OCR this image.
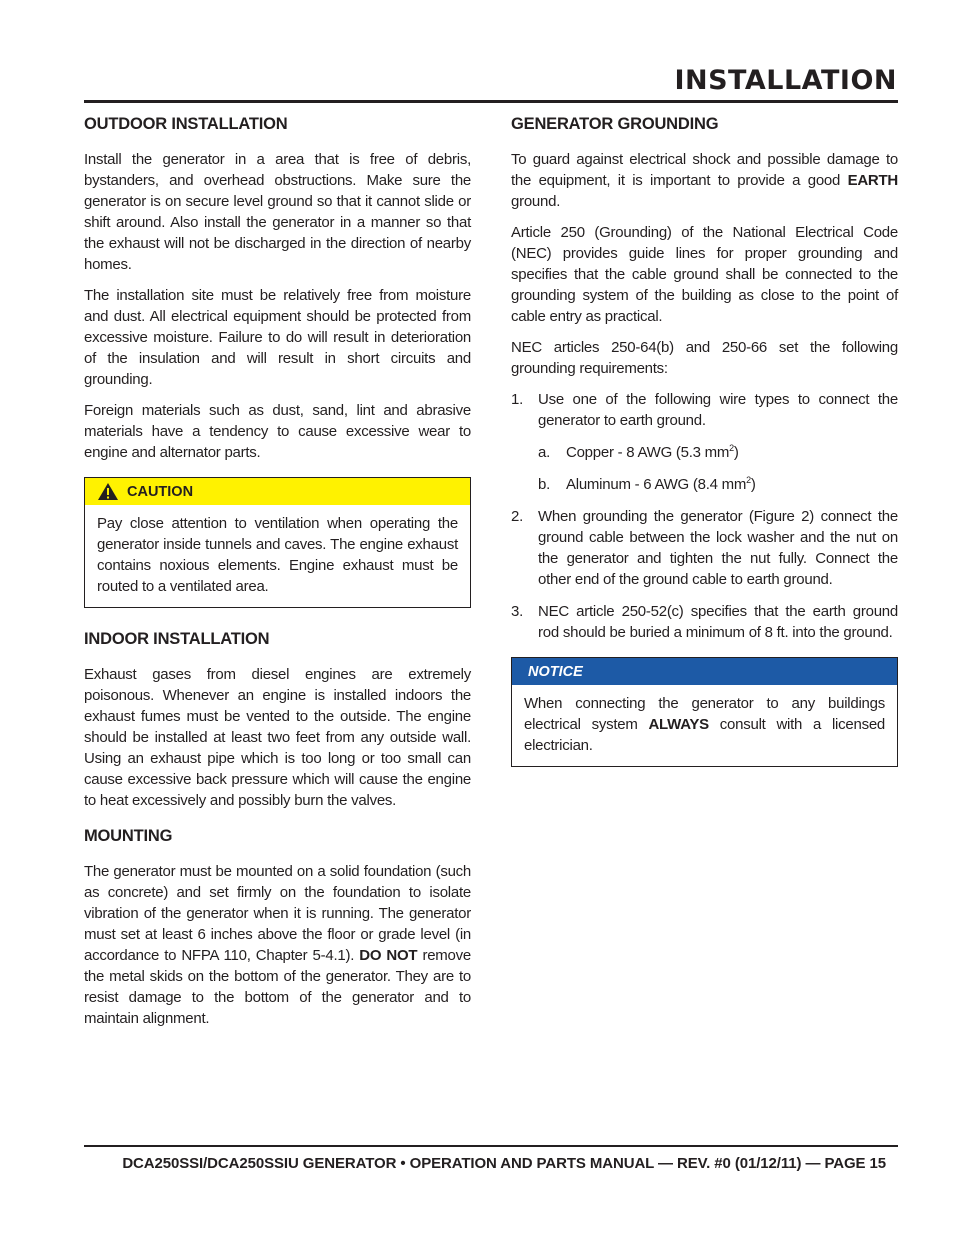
INSTALLATION
OUTDOOR INSTALLATION

Install the generator in a area that is free of debris, bystanders, and overhead obstructions. Make sure the generator is on secure level ground so that it cannot slide or shift around. Also install the generator in a manner so that the exhaust will not be discharged in the direction of nearby homes.

The installation site must be relatively free from moisture and dust. All electrical equipment should be protected from excessive moisture. Failure to do will result in deterioration of the insulation and will result in short circuits and grounding.

Foreign materials such as dust, sand, lint and abrasive materials have a tendency to cause excessive wear to engine and alternator parts.

CAUTION

Pay close attention to ventilation when operating the generator inside tunnels and caves. The engine exhaust contains noxious elements. Engine exhaust must be routed to a ventilated area.

INDOOR INSTALLATION

Exhaust gases from diesel engines are extremely poisonous. Whenever an engine is installed indoors the exhaust fumes must be vented to the outside. The engine should be installed at least two feet from any outside wall. Using an exhaust pipe which is too long or too small can cause excessive back pressure which will cause the engine to heat excessively and possibly burn the valves.

MOUNTING

The generator must be mounted on a solid foundation (such as concrete) and set firmly on the foundation to isolate vibration of the generator when it is running. The generator must set at least 6 inches above the floor or grade level (in accordance to NFPA 110, Chapter 5-4.1). DO NOT remove the metal skids on the bottom of the generator. They are to resist damage to the bottom of the generator and to maintain alignment.

GENERATOR GROUNDING

To guard against electrical shock and possible damage to the equipment, it is important to provide a good EARTH ground.

Article 250 (Grounding) of the National Electrical Code (NEC) provides guide lines for proper grounding and specifies that the cable ground shall be connected to the grounding system of the building as close to the point of cable entry as practical.

NEC articles 250-64(b) and 250-66 set the following grounding requirements:

1. Use one of the following wire types to connect the generator to earth ground.
a.	Copper - 8 AWG (5.3 $mm^2$)
b.	Aluminum - 6 AWG (8.4 $mm^2$)
2. When grounding the generator (Figure 2) connect the ground cable between the lock washer and the nut on the generator and tighten the nut fully. Connect the other end of the ground cable to earth ground.
3. NEC article 250-52(c) specifies that the earth ground rod should be buried a minimum of 8 ft. into the ground.
NOTICE

When connecting the generator to any buildings electrical system ALWAYS consult with a licensed electrician.

DCA250SSI/DCA250SSIU GENERATOR • OPERATION AND PARTS MANUAL — REV. #0 (01/12/11) — PAGE 15
